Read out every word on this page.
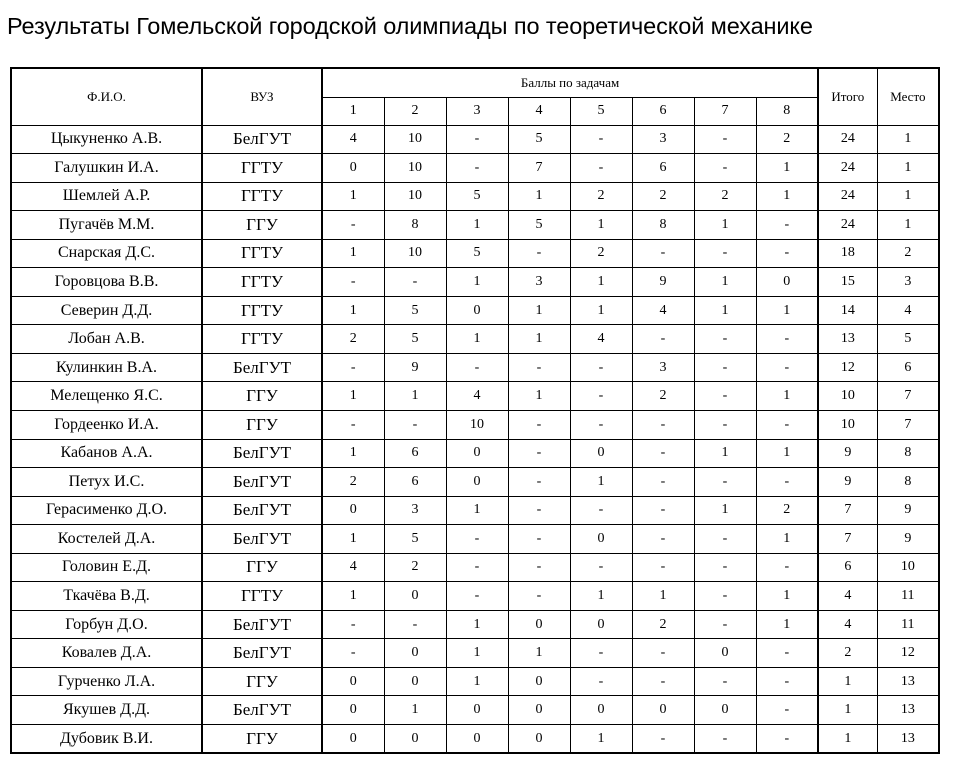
Результаты Гомельской городской олимпиады по теоретической механике
Ф.И.О.	ВУЗ	Баллы по задачам								Итого	Место
		1	2	3	4	5	6	7	8		
Цыкуненко А.В.	БелГУТ	4	10	-	5	-	3	-	2	24	1
Галушкин И.А.	ГГТУ	0	10	-	7	-	6	-	1	24	1
Шемлей А.Р.	ГГТУ	1	10	5	1	2	2	2	1	24	1
Пугачёв М.М.	ГГУ	-	8	1	5	1	8	1	-	24	1
Снарская Д.С.	ГГТУ	1	10	5	-	2	-	-	-	18	2
Горовцова В.В.	ГГТУ	-	-	1	3	1	9	1	0	15	3
Северин Д.Д.	ГГТУ	1	5	0	1	1	4	1	1	14	4
Лобан А.В.	ГГТУ	2	5	1	1	4	-	-	-	13	5
Кулинкин В.А.	БелГУТ	-	9	-	-	-	3	-	-	12	6
Мелещенко Я.С.	ГГУ	1	1	4	1	-	2	-	1	10	7
Гордеенко И.А.	ГГУ	-	-	10	-	-	-	-	-	10	7
Кабанов А.А.	БелГУТ	1	6	0	-	0	-	1	1	9	8
Петух И.С.	БелГУТ	2	6	0	-	1	-	-	-	9	8
Герасименко Д.О.	БелГУТ	0	3	1	-	-	-	1	2	7	9
Костелей Д.А.	БелГУТ	1	5	-	-	0	-	-	1	7	9
Головин Е.Д.	ГГУ	4	2	-	-	-	-	-	-	6	10
Ткачёва В.Д.	ГГТУ	1	0	-	-	1	1	-	1	4	11
Горбун Д.О.	БелГУТ	-	-	1	0	0	2	-	1	4	11
Ковалев Д.А.	БелГУТ	-	0	1	1	-	-	0	-	2	12
Гурченко Л.А.	ГГУ	0	0	1	0	-	-	-	-	1	13
Якушев Д.Д.	БелГУТ	0	1	0	0	0	0	0	-	1	13
Дубовик В.И.	ГГУ	0	0	0	0	1	-	-	-	1	13
